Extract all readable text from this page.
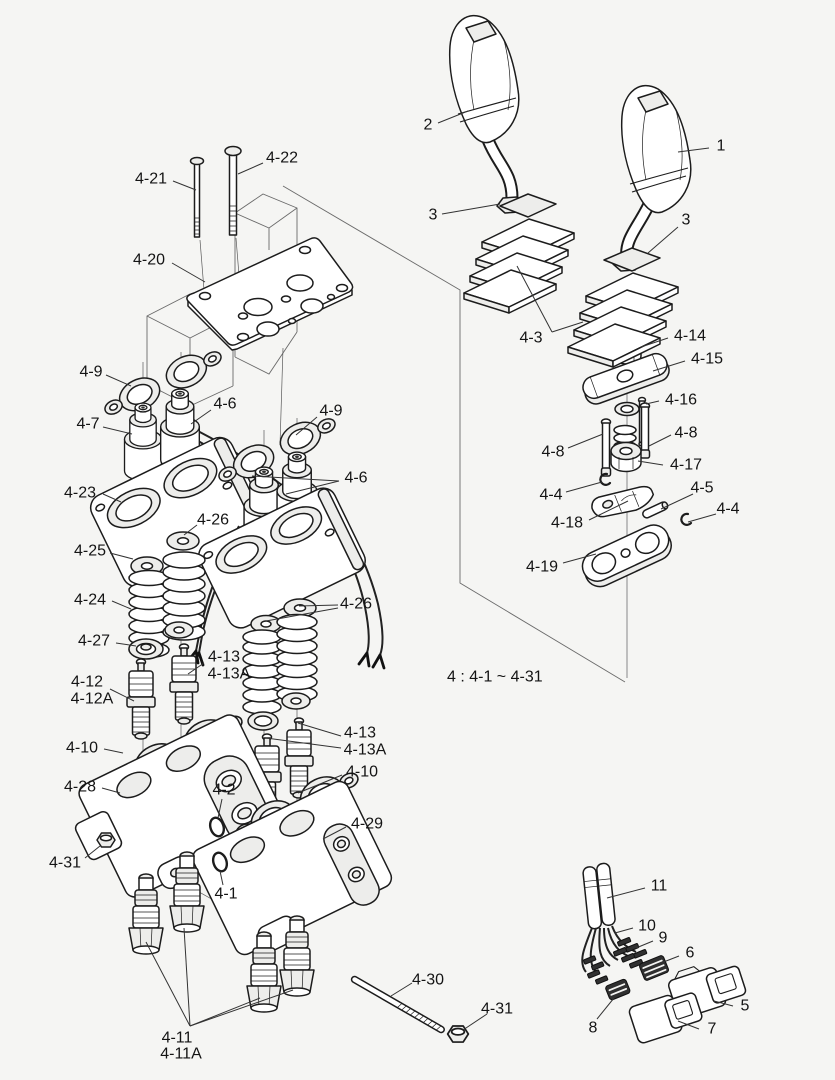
4 : 4-1 ~ 4-31
2
1
3	3
4-3	4-14
4-15
4-16
4-8
4-8
4-17
4-4	4-5
4-4
4-18
4-19
4-21
4-22
4-20
4-9
4-6
4-7
4-9
4-23
4-26
4-6
4-25
4-24	4-26
4-27
4-13
4-13A
4-12
4-12A
4-10
4-28	4-2
4-31
4-1
4-13
4-13A
4-10
4-29
4-11
4-11A
4-30
4-31
11
10
9
6
5
8	7
